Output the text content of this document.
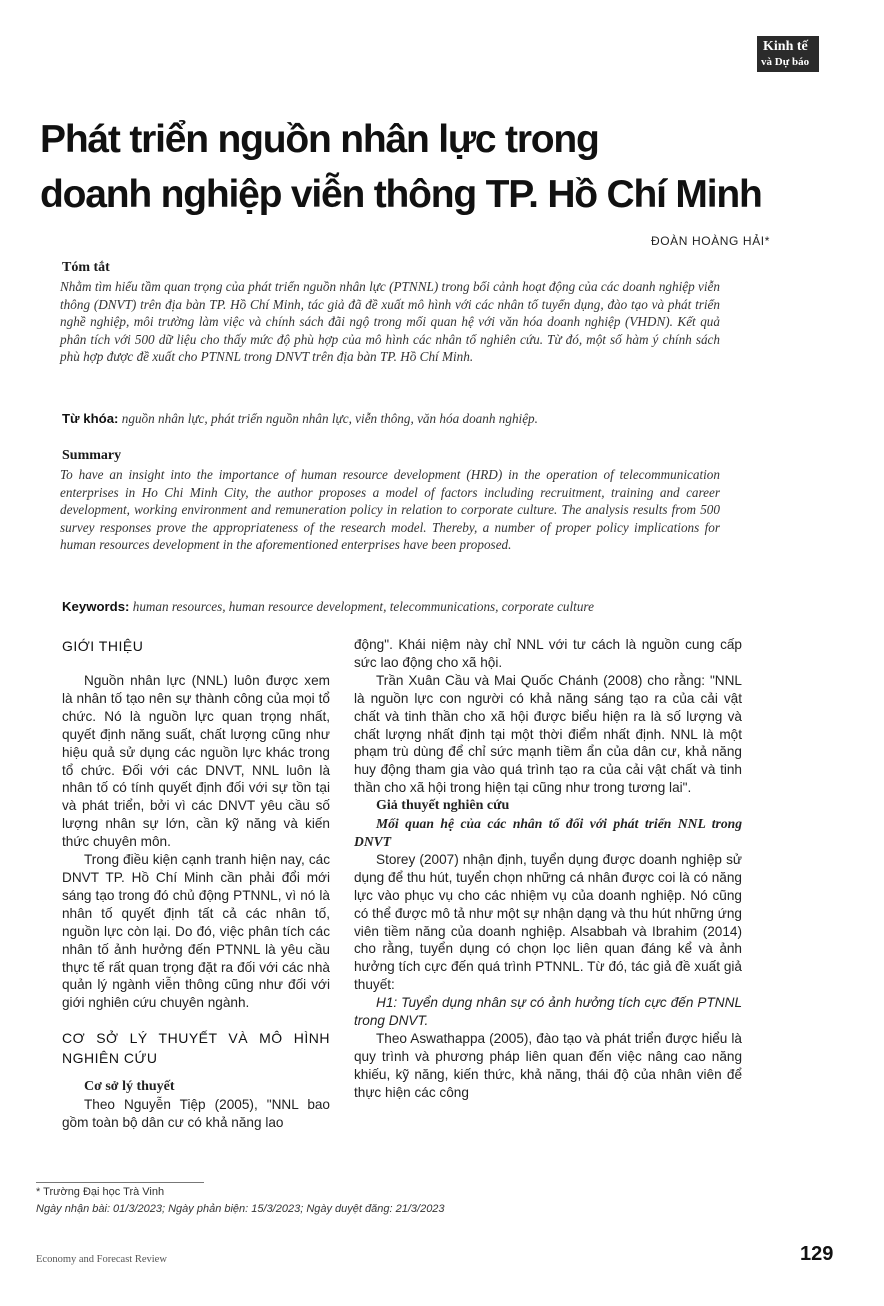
Kinh tế
và Dự báo
Phát triển nguồn nhân lực trong
doanh nghiệp viễn thông TP. Hồ Chí Minh
ĐOÀN HOÀNG HẢI*
Tóm tắt

Nhằm tìm hiểu tầm quan trọng của phát triển nguồn nhân lực (PTNNL) trong bối cảnh hoạt động của các doanh nghiệp viễn thông (DNVT) trên địa bàn TP. Hồ Chí Minh, tác giả đã đề xuất mô hình với các nhân tố tuyển dụng, đào tạo và phát triển nghề nghiệp, môi trường làm việc và chính sách đãi ngộ trong mối quan hệ với văn hóa doanh nghiệp (VHDN). Kết quả phân tích với 500 dữ liệu cho thấy mức độ phù hợp của mô hình các nhân tố nghiên cứu. Từ đó, một số hàm ý chính sách phù hợp được đề xuất cho PTNNL trong DNVT trên địa bàn TP. Hồ Chí Minh.

Từ khóa: nguồn nhân lực, phát triển nguồn nhân lực, viễn thông, văn hóa doanh nghiệp.

Summary

To have an insight into the importance of human resource development (HRD) in the operation of telecommunication enterprises in Ho Chi Minh City, the author proposes a model of factors including recruitment, training and career development, working environment and remuneration policy in relation to corporate culture. The analysis results from 500 survey responses prove the appropriateness of the research model. Thereby, a number of proper policy implications for human resources development in the aforementioned enterprises have been proposed.

Keywords: human resources, human resource development, telecommunications, corporate culture

GIỚI THIỆU

Nguồn nhân lực (NNL) luôn được xem là nhân tố tạo nên sự thành công của mọi tổ chức. Nó là nguồn lực quan trọng nhất, quyết định năng suất, chất lượng cũng như hiệu quả sử dụng các nguồn lực khác trong tổ chức. Đối với các DNVT, NNL luôn là nhân tố có tính quyết định đối với sự tồn tại và phát triển, bởi vì các DNVT yêu cầu số lượng nhân sự lớn, cần kỹ năng và kiến thức chuyên môn.

Trong điều kiện cạnh tranh hiện nay, các DNVT TP. Hồ Chí Minh cần phải đổi mới sáng tạo trong đó chủ động PTNNL, vì nó là nhân tố quyết định tất cả các nhân tố, nguồn lực còn lại. Do đó, việc phân tích các nhân tố ảnh hưởng đến PTNNL là yêu cầu thực tế rất quan trọng đặt ra đối với các nhà quản lý ngành viễn thông cũng như đối với giới nghiên cứu chuyên ngành.

CƠ SỞ LÝ THUYẾT VÀ MÔ HÌNH NGHIÊN CỨU

Cơ sở lý thuyết

Theo Nguyễn Tiệp (2005), "NNL bao gồm toàn bộ dân cư có khả năng lao

động". Khái niệm này chỉ NNL với tư cách là nguồn cung cấp sức lao động cho xã hội.

Trần Xuân Cầu và Mai Quốc Chánh (2008) cho rằng: "NNL là nguồn lực con người có khả năng sáng tạo ra của cải vật chất và tinh thần cho xã hội được biểu hiện ra là số lượng và chất lượng nhất định tại một thời điểm nhất định. NNL là một phạm trù dùng để chỉ sức mạnh tiềm ẩn của dân cư, khả năng huy động tham gia vào quá trình tạo ra của cải vật chất và tinh thần cho xã hội trong hiện tại cũng như trong tương lai".

Giả thuyết nghiên cứu

Mối quan hệ của các nhân tố đối với phát triển NNL trong DNVT

Storey (2007) nhận định, tuyển dụng được doanh nghiệp sử dụng để thu hút, tuyển chọn những cá nhân được coi là có năng lực vào phục vụ cho các nhiệm vụ của doanh nghiệp. Nó cũng có thể được mô tả như một sự nhận dạng và thu hút những ứng viên tiềm năng của doanh nghiệp. Alsabbah và Ibrahim (2014) cho rằng, tuyển dụng có chọn lọc liên quan đáng kể và ảnh hưởng tích cực đến quá trình PTNNL. Từ đó, tác giả đề xuất giả thuyết:

H1: Tuyển dụng nhân sự có ảnh hưởng tích cực đến PTNNL trong DNVT.

Theo Aswathappa (2005), đào tạo và phát triển được hiểu là quy trình và phương pháp liên quan đến việc nâng cao năng khiếu, kỹ năng, kiến thức, khả năng, thái độ của nhân viên để thực hiện các công

* Trường Đại học Trà Vinh
Ngày nhận bài: 01/3/2023; Ngày phản biện: 15/3/2023; Ngày duyệt đăng: 21/3/2023
Economy and Forecast Review	129
